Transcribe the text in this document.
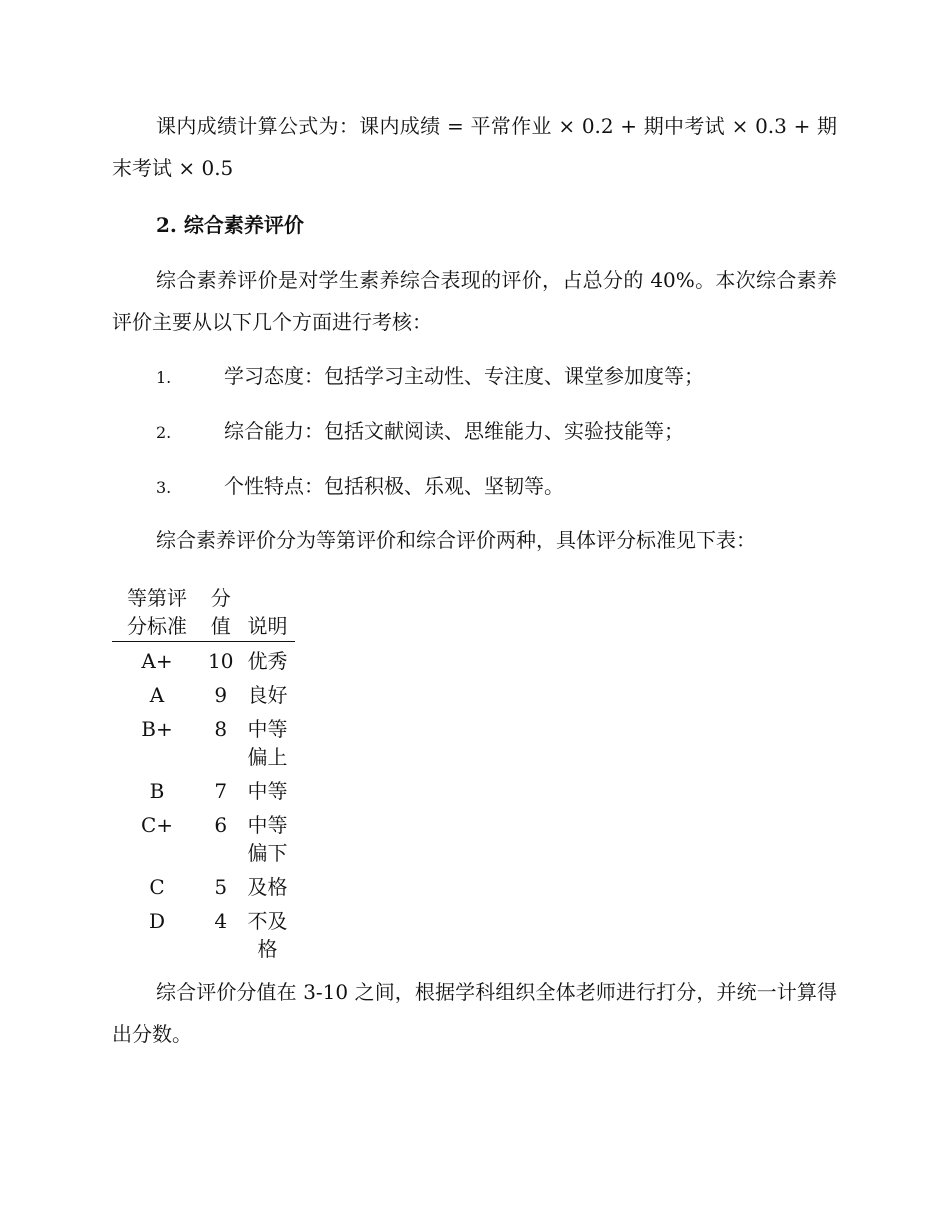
课内成绩计算公式为：课内成绩 = 平常作业 × 0.2 + 期中考试 × 0.3 + 期末考试 × 0.5

2. 综合素养评价

综合素养评价是对学生素养综合表现的评价，占总分的 40%。本次综合素养评价主要从以下几个方面进行考核：

1.	学习态度：包括学习主动性、专注度、课堂参加度等；
2.	综合能力：包括文献阅读、思维能力、实验技能等；
3.	个性特点：包括积极、乐观、坚韧等。

综合素养评价分为等第评价和综合评价两种，具体评分标准见下表：

等第评分标准	分值	说明
A+	10	优秀
A	9	良好
B+	8	中等偏上
B	7	中等
C+	6	中等偏下
C	5	及格
D	4	不及格

综合评价分值在 3-10 之间，根据学科组织全体老师进行打分，并统一计算得出分数。
